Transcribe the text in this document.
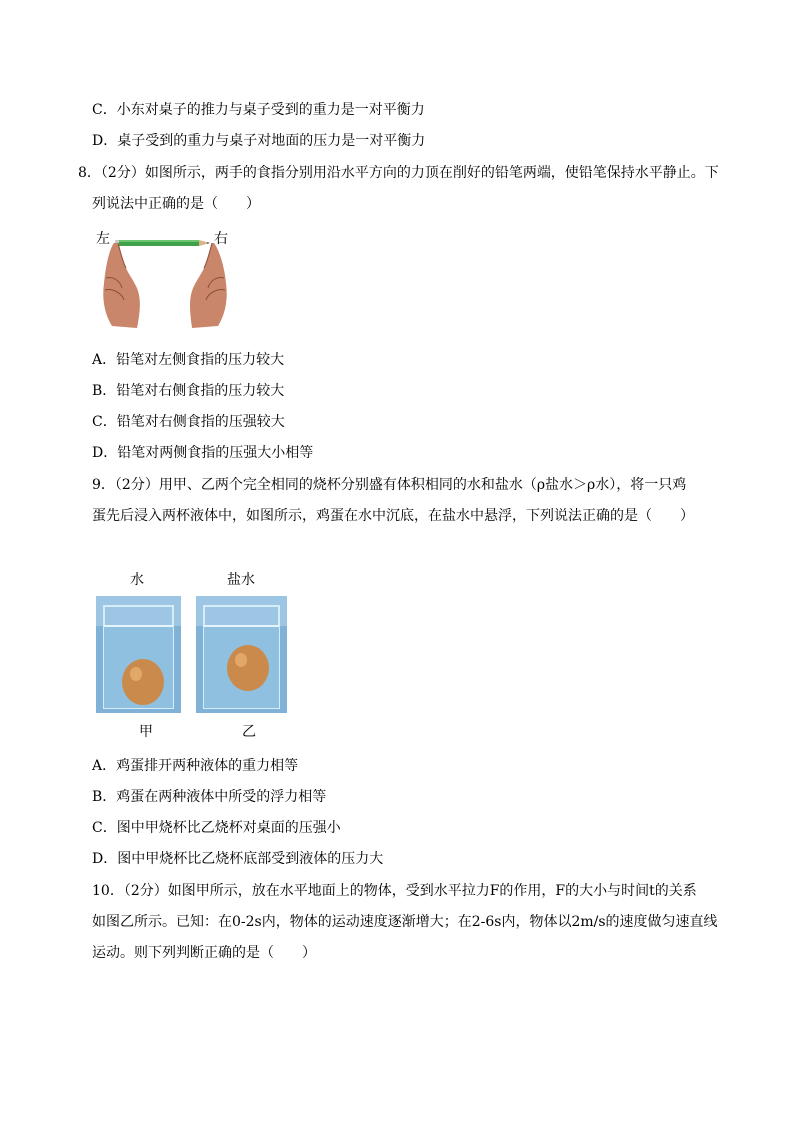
C．小东对桌子的推力与桌子受到的重力是一对平衡力
D．桌子受到的重力与桌子对地面的压力是一对平衡力
8．（2分）如图所示，两手的食指分别用沿水平方向的力顶在削好的铅笔两端，使铅笔保持水平静止。下
列说法中正确的是（　　）
左	右
A．铅笔对左侧食指的压力较大
B．铅笔对右侧食指的压力较大
C．铅笔对右侧食指的压强较大
D．铅笔对两侧食指的压强大小相等
9．（2分）用甲、乙两个完全相同的烧杯分别盛有体积相同的水和盐水（ρ盐水＞ρ水），将一只鸡
蛋先后浸入两杯液体中，如图所示，鸡蛋在水中沉底，在盐水中悬浮，下列说法正确的是（　　）
水	盐水
甲	乙
A．鸡蛋排开两种液体的重力相等
B．鸡蛋在两种液体中所受的浮力相等
C．图中甲烧杯比乙烧杯对桌面的压强小
D．图中甲烧杯比乙烧杯底部受到液体的压力大
10．（2分）如图甲所示，放在水平地面上的物体，受到水平拉力F的作用，F的大小与时间t的关系
如图乙所示。已知：在0-2s内，物体的运动速度逐渐增大；在2-6s内，物体以2m/s的速度做匀速直线
运动。则下列判断正确的是（　　）
